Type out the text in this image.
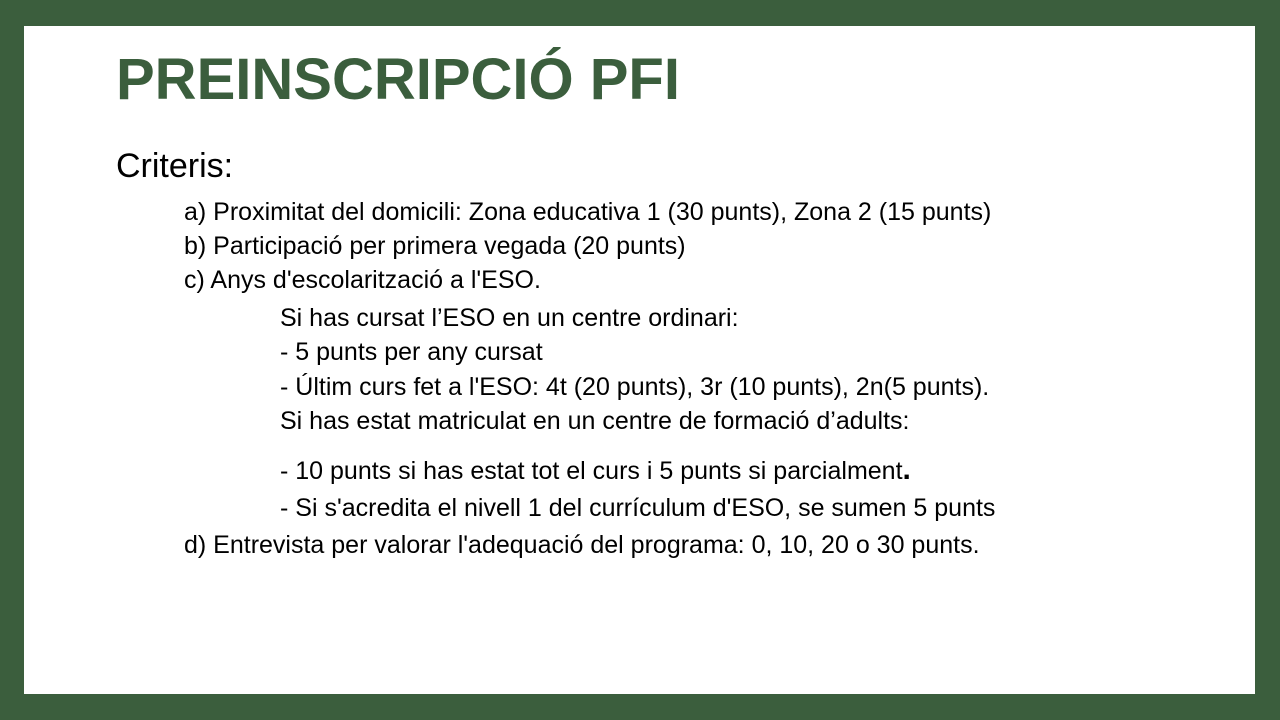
PREINSCRIPCIÓ PFI

Criteris:

a) Proximitat del domicili: Zona educativa 1 (30 punts), Zona 2 (15 punts)

b) Participació per primera vegada (20 punts)

c) Anys d'escolarització a l'ESO.

Si has cursat l’ESO en un centre ordinari:

- 5 punts per any cursat

- Últim curs fet a l'ESO: 4t (20 punts), 3r (10 punts), 2n(5 punts).

Si has estat matriculat en un centre de formació d’adults:

- 10 punts si has estat tot el curs i 5 punts si parcialment.

- Si s'acredita el nivell 1 del currículum d'ESO, se sumen 5 punts

d) Entrevista per valorar l'adequació del programa: 0, 10, 20 o 30 punts.
